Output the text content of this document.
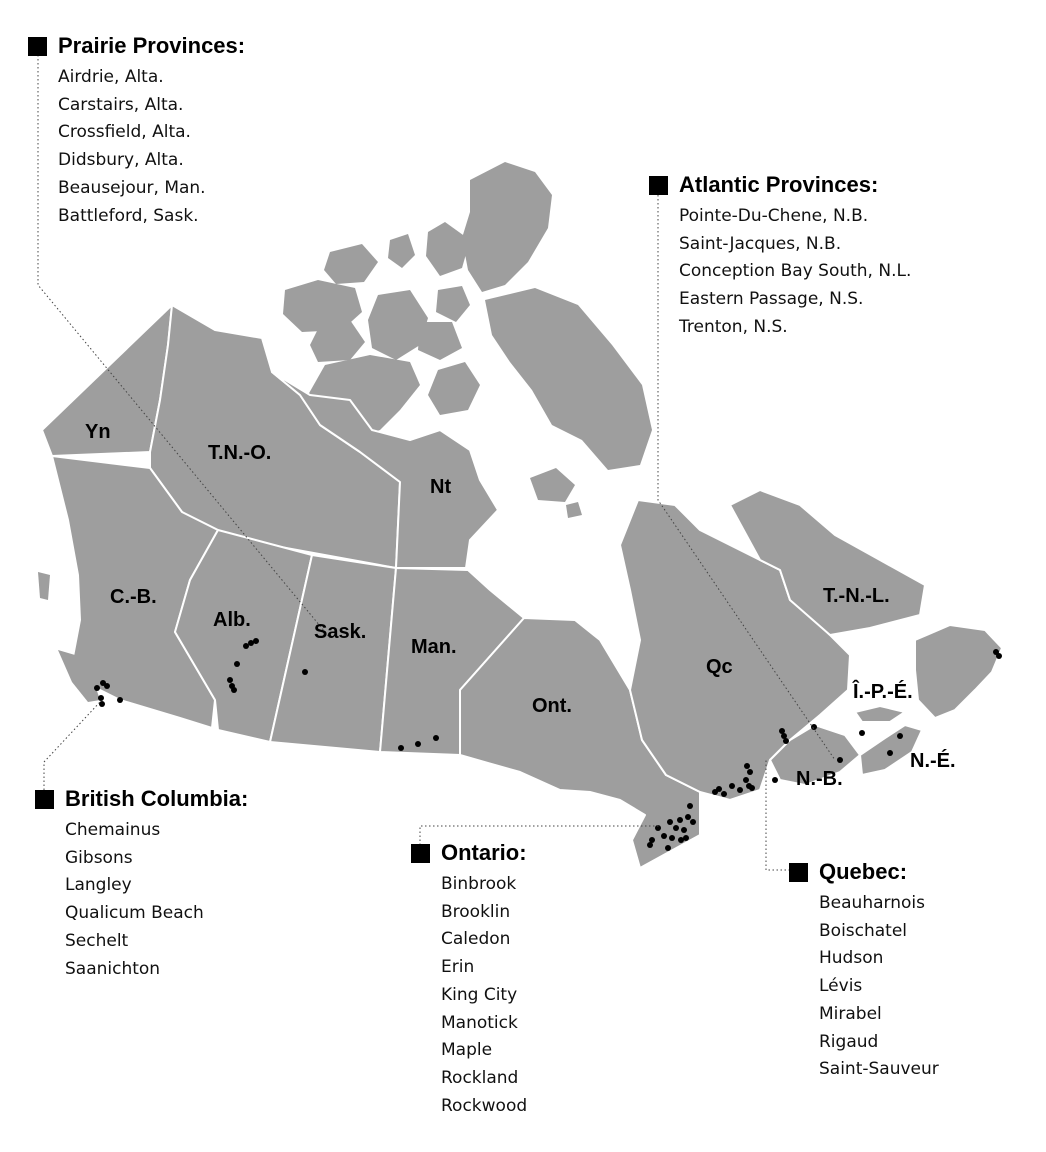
Yn
T.N.-O.
Nt
C.-B.
Alb.
Sask.
Man.
Ont.
Qc
T.-N.-L.
Î.-P.-É.
N.-B.
N.-É.
Prairie Provinces:
Airdrie, Alta.
Carstairs, Alta.
Crossfield, Alta.
Didsbury, Alta.
Beausejour, Man.
Battleford, Sask.
Atlantic Provinces:
Pointe-Du-Chene, N.B.
Saint-Jacques, N.B.
Conception Bay South, N.L.
Eastern Passage, N.S.
Trenton, N.S.
British Columbia:
Chemainus
Gibsons
Langley
Qualicum Beach
Sechelt
Saanichton
Ontario:
Binbrook
Brooklin
Caledon
Erin
King City
Manotick
Maple
Rockland
Rockwood
Quebec:
Beauharnois
Boischatel
Hudson
Lévis
Mirabel
Rigaud
Saint-Sauveur
